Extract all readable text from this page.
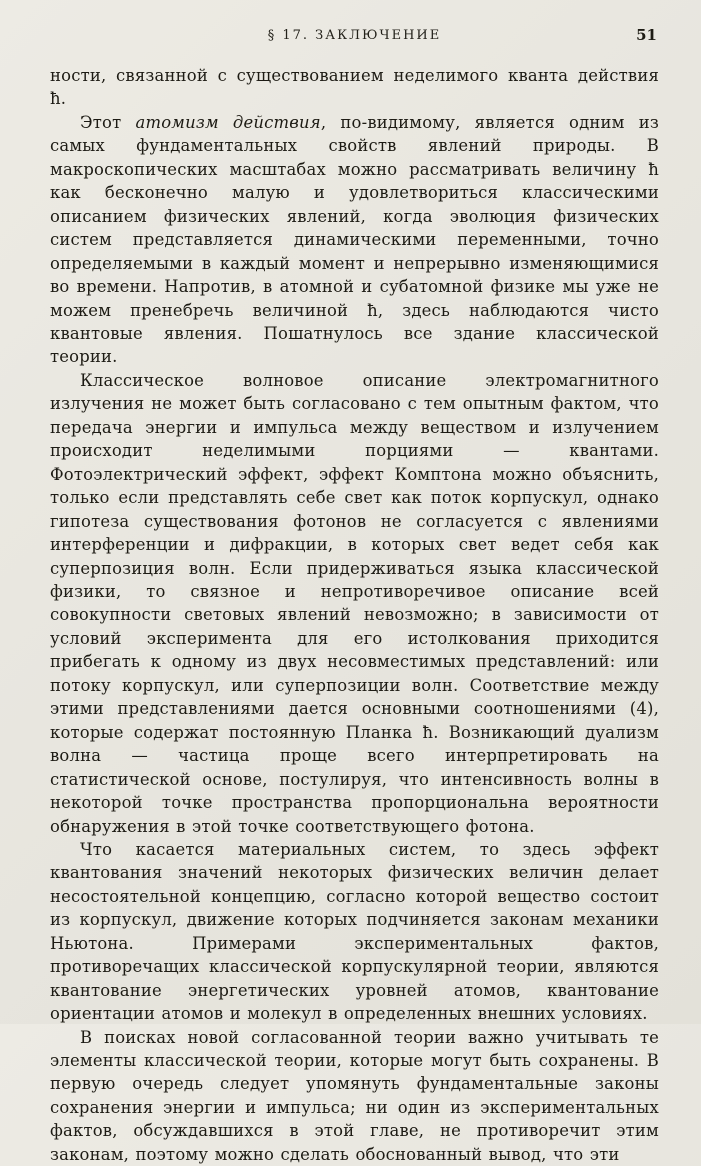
§ 17. ЗАКЛЮЧЕНИЕ	51

ности, связанной с существованием неделимого кванта действия ħ.

Этот атомизм действия, по-видимому, является одним из самых фундаментальных свойств явлений природы. В макроскопических масштабах можно рассматривать величину ħ как бесконечно малую и удовлетвориться классическими описанием физических явлений, когда эволюция физических систем представляется динамическими переменными, точно определяемыми в каждый момент и непрерывно изменяющимися во времени. Напротив, в атомной и субатомной физике мы уже не можем пренебречь величиной ħ, здесь наблюдаются чисто квантовые явления. Пошатнулось все здание классической теории.

Классическое волновое описание электромагнитного излучения не может быть согласовано с тем опытным фактом, что передача энергии и импульса между веществом и излучением происходит неделимыми порциями — квантами. Фотоэлектрический эффект, эффект Комптона можно объяснить, только если представлять себе свет как поток корпускул, однако гипотеза существования фотонов не согласуется с явлениями интерференции и дифракции, в которых свет ведет себя как суперпозиция волн. Если придерживаться языка классической физики, то связное и непротиворечивое описание всей совокупности световых явлений невозможно; в зависимости от условий эксперимента для его истолкования приходится прибегать к одному из двух несовместимых представлений: или потоку корпускул, или суперпозиции волн. Соответствие между этими представлениями дается основными соотношениями (4), которые содержат постоянную Планка ħ. Возникающий дуализм волна — частица проще всего интерпретировать на статистической основе, постулируя, что интенсивность волны в некоторой точке пространства пропорциональна вероятности обнаружения в этой точке соответствующего фотона.

Что касается материальных систем, то здесь эффект квантования значений некоторых физических величин делает несостоятельной концепцию, согласно которой вещество состоит из корпускул, движение которых подчиняется законам механики Ньютона. Примерами экспериментальных фактов, противоречащих классической корпускулярной теории, являются квантование энергетических уровней атомов, квантование ориентации атомов и молекул в определенных внешних условиях.

В поисках новой согласованной теории важно учитывать те элементы классической теории, которые могут быть сохранены. В первую очередь следует упомянуть фундаментальные законы сохранения энергии и импульса; ни один из экспериментальных фактов, обсуждавшихся в этой главе, не противоречит этим законам, поэтому можно сделать обоснованный вывод, что эти
